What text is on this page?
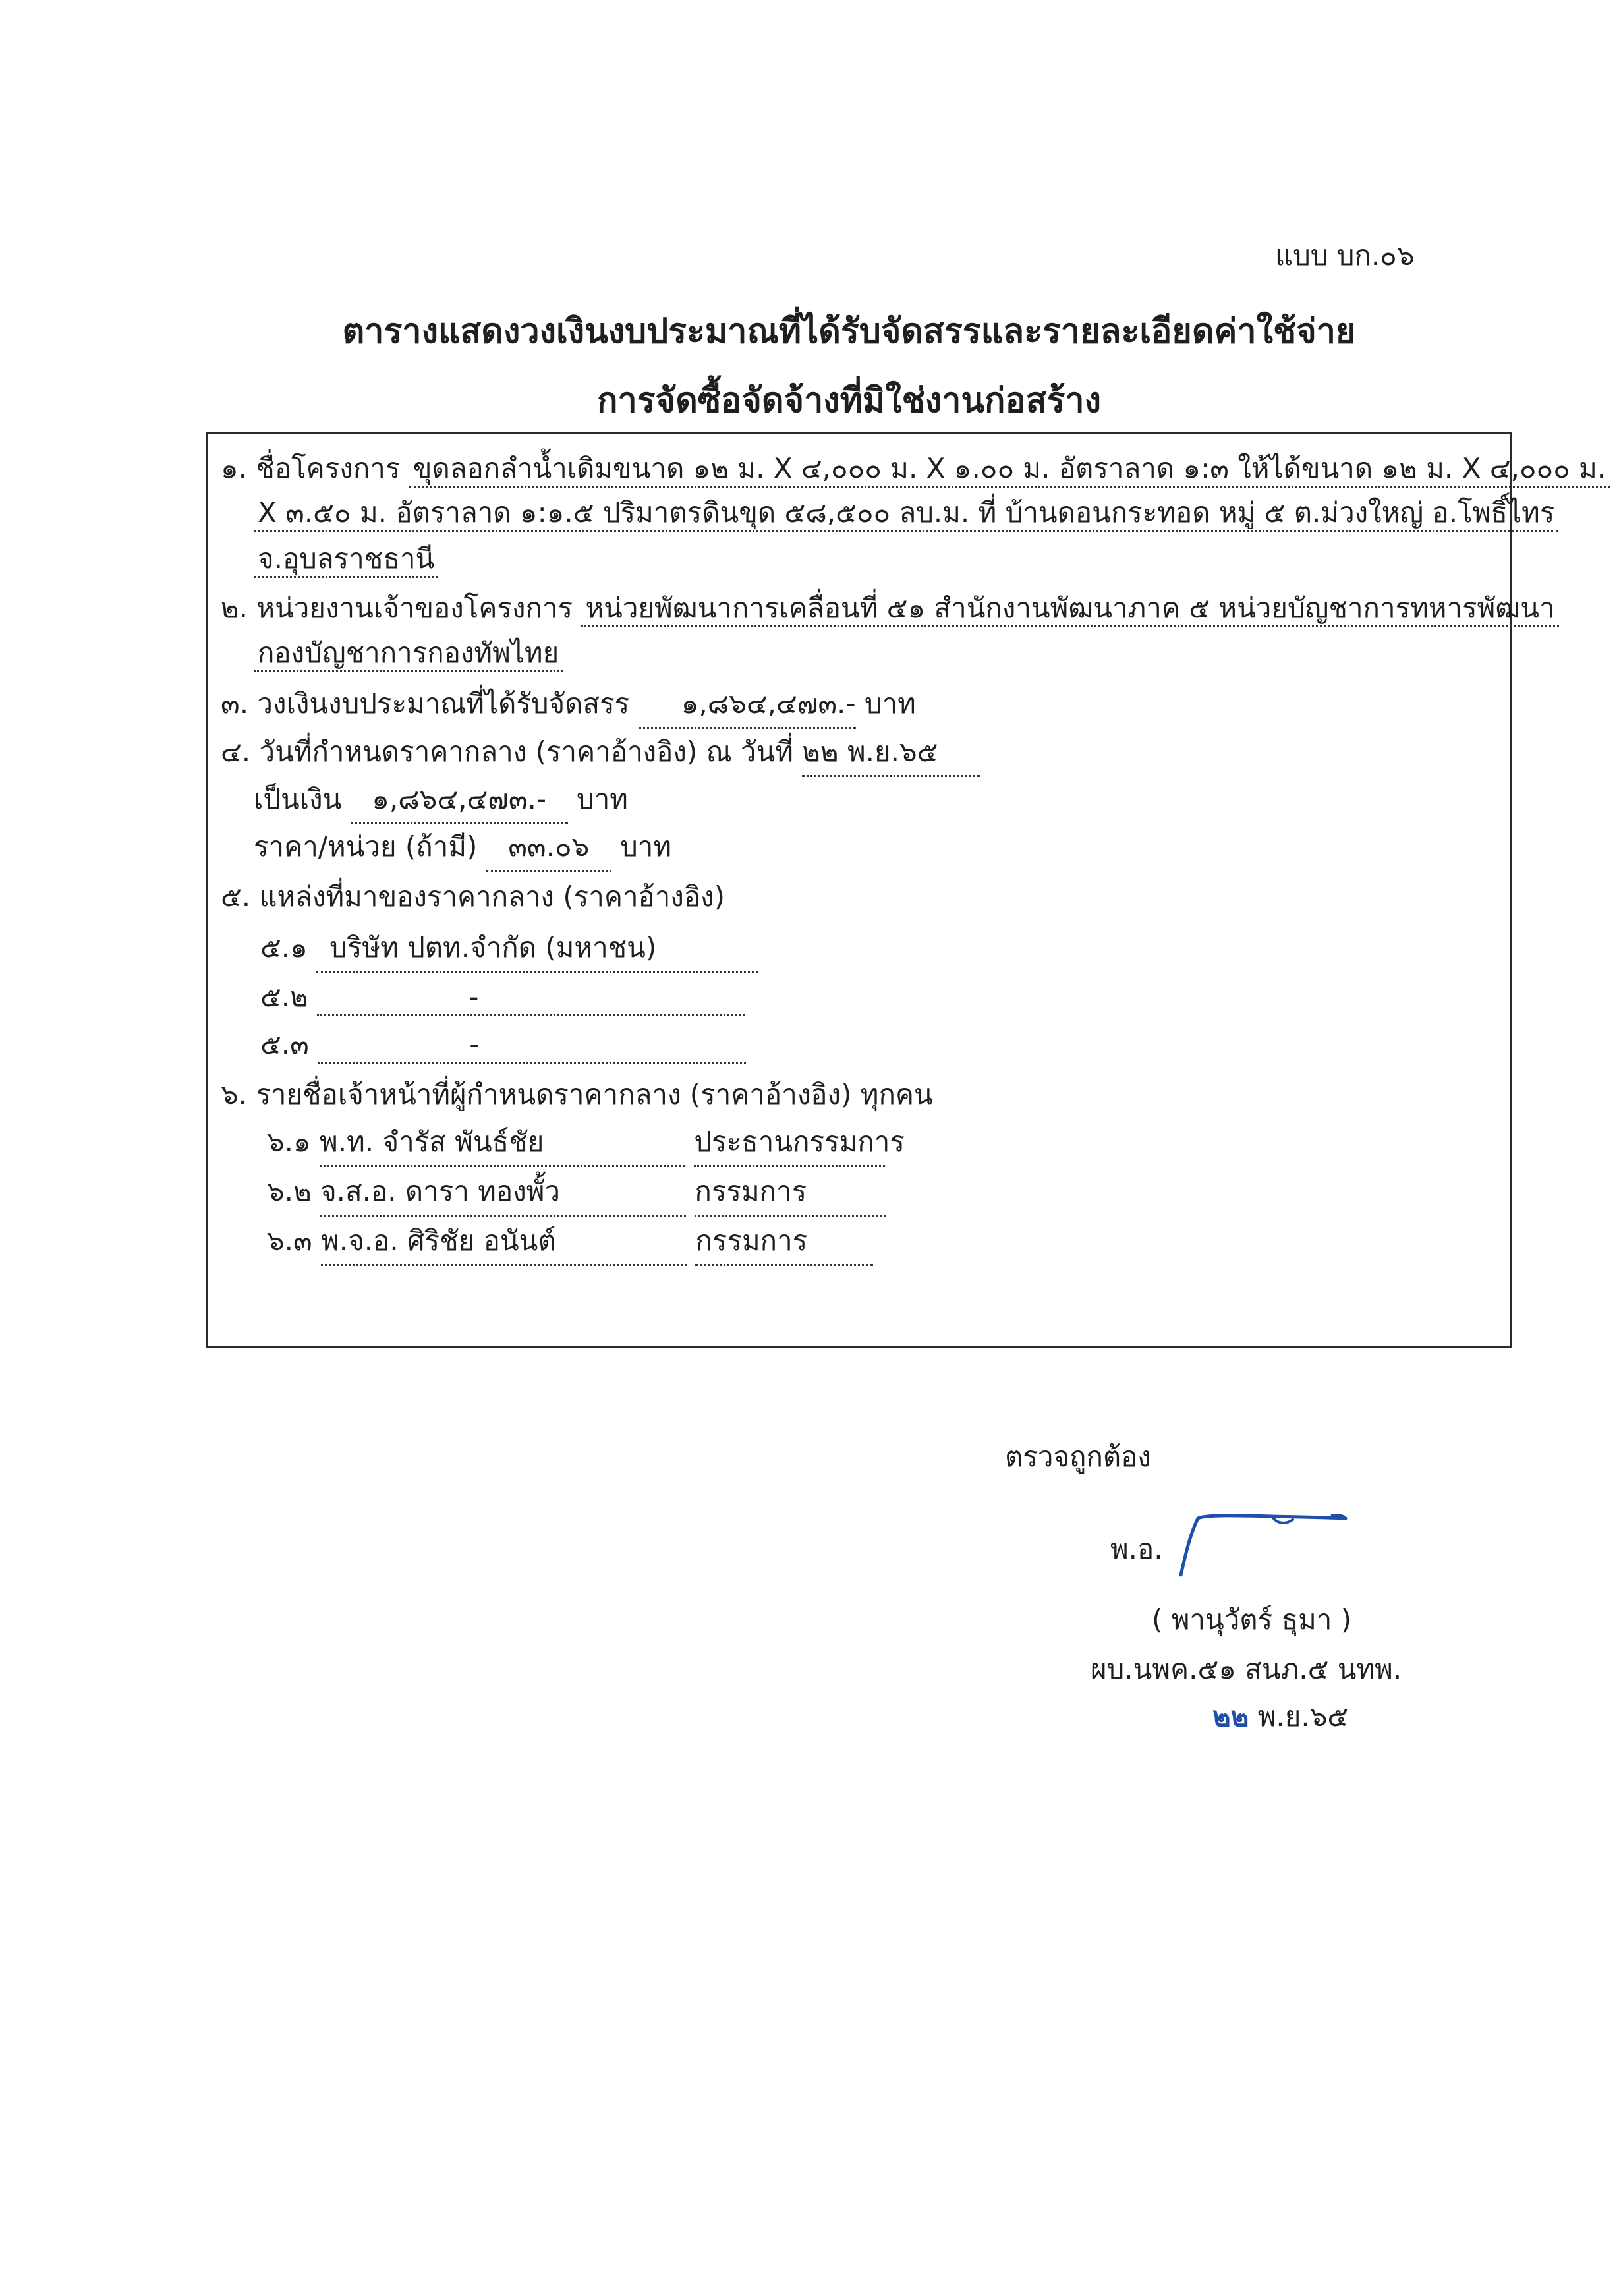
แบบ บก.๐๖
ตารางแสดงวงเงินงบประมาณที่ได้รับจัดสรรและรายละเอียดค่าใช้จ่าย
การจัดซื้อจัดจ้างที่มิใช่งานก่อสร้าง
๑. ชื่อโครงการ ขุดลอกลำน้ำเดิมขนาด ๑๒ ม. X ๔,๐๐๐ ม. X ๑.๐๐ ม. อัตราลาด ๑:๓ ให้ได้ขนาด ๑๒ ม. X ๔,๐๐๐ ม.
X ๓.๕๐ ม. อัตราลาด ๑:๑.๕ ปริมาตรดินขุด ๕๘,๕๐๐ ลบ.ม. ที่ บ้านดอนกระทอด หมู่ ๕ ต.ม่วงใหญ่ อ.โพธิ์ไทร
จ.อุบลราชธานี
๒. หน่วยงานเจ้าของโครงการ หน่วยพัฒนาการเคลื่อนที่ ๕๑ สำนักงานพัฒนาภาค ๕ หน่วยบัญชาการทหารพัฒนา
กองบัญชาการกองทัพไทย
๓. วงเงินงบประมาณที่ได้รับจัดสรร ๑,๘๖๔,๔๗๓.- บาท
๔. วันที่กำหนดราคากลาง (ราคาอ้างอิง) ณ วันที่ ๒๒ พ.ย.๖๕
เป็นเงิน ๑,๘๖๔,๔๗๓.- บาท
ราคา/หน่วย (ถ้ามี) ๓๓.๐๖ บาท
๕. แหล่งที่มาของราคากลาง (ราคาอ้างอิง)
๕.๑ บริษัท ปตท.จำกัด (มหาชน)
๕.๒	-
๕.๓	-
๖. รายชื่อเจ้าหน้าที่ผู้กำหนดราคากลาง (ราคาอ้างอิง) ทุกคน
๖.๑ พ.ท. จำรัส พันธ์ชัย	ประธานกรรมการ
๖.๒ จ.ส.อ. ดารา ทองพั้ว	กรรมการ
๖.๓ พ.จ.อ. ศิริชัย อนันต์	กรรมการ
ตรวจถูกต้อง
พ.อ.
( พานุวัตร์ ธุมา )
ผบ.นพค.๕๑ สนภ.๕ นทพ.
๒๒ พ.ย.๖๕
